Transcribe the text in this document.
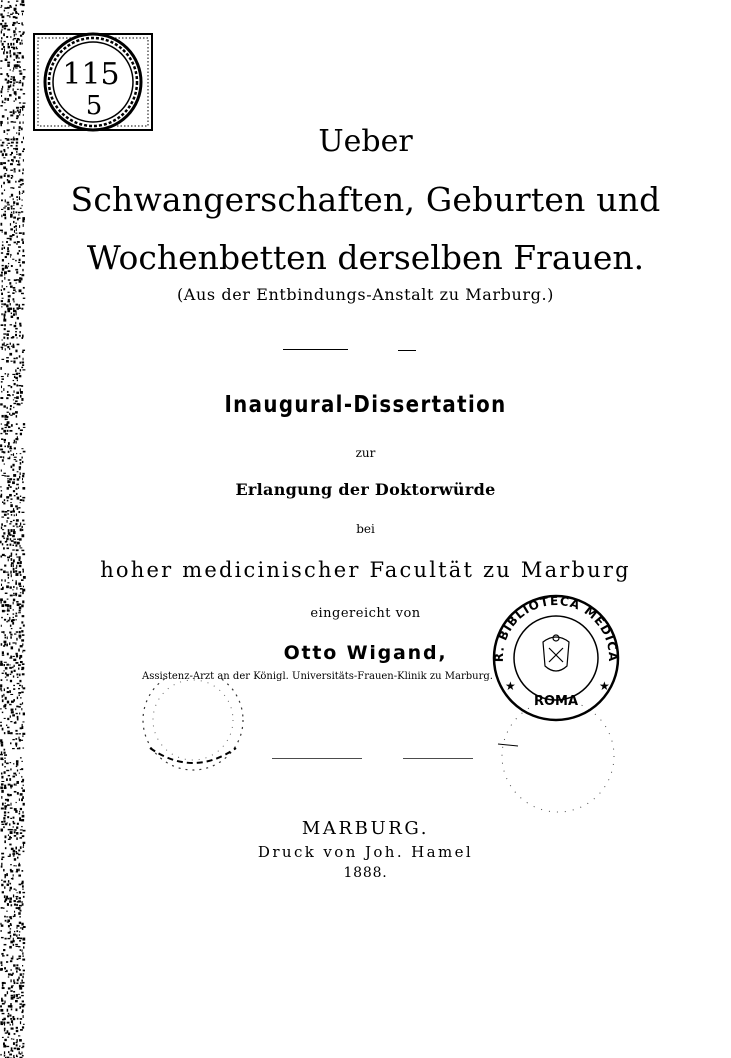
115
5
Ueber
Schwangerschaften, Geburten und
Wochenbetten derselben Frauen.
(Aus der Entbindungs-Anstalt zu Marburg.)
Inaugural-Dissertation
zur
Erlangung der Doktorwürde
bei
hoher medicinischer Facultät zu Marburg
eingereicht von
Otto Wigand,
Assistenz-Arzt an der Königl. Universitäts-Frauen-Klinik zu Marburg.
R. BIBLIOTECA MEDICA
ROMA
★	★
MARBURG.
Druck von Joh. Hamel
1888.
